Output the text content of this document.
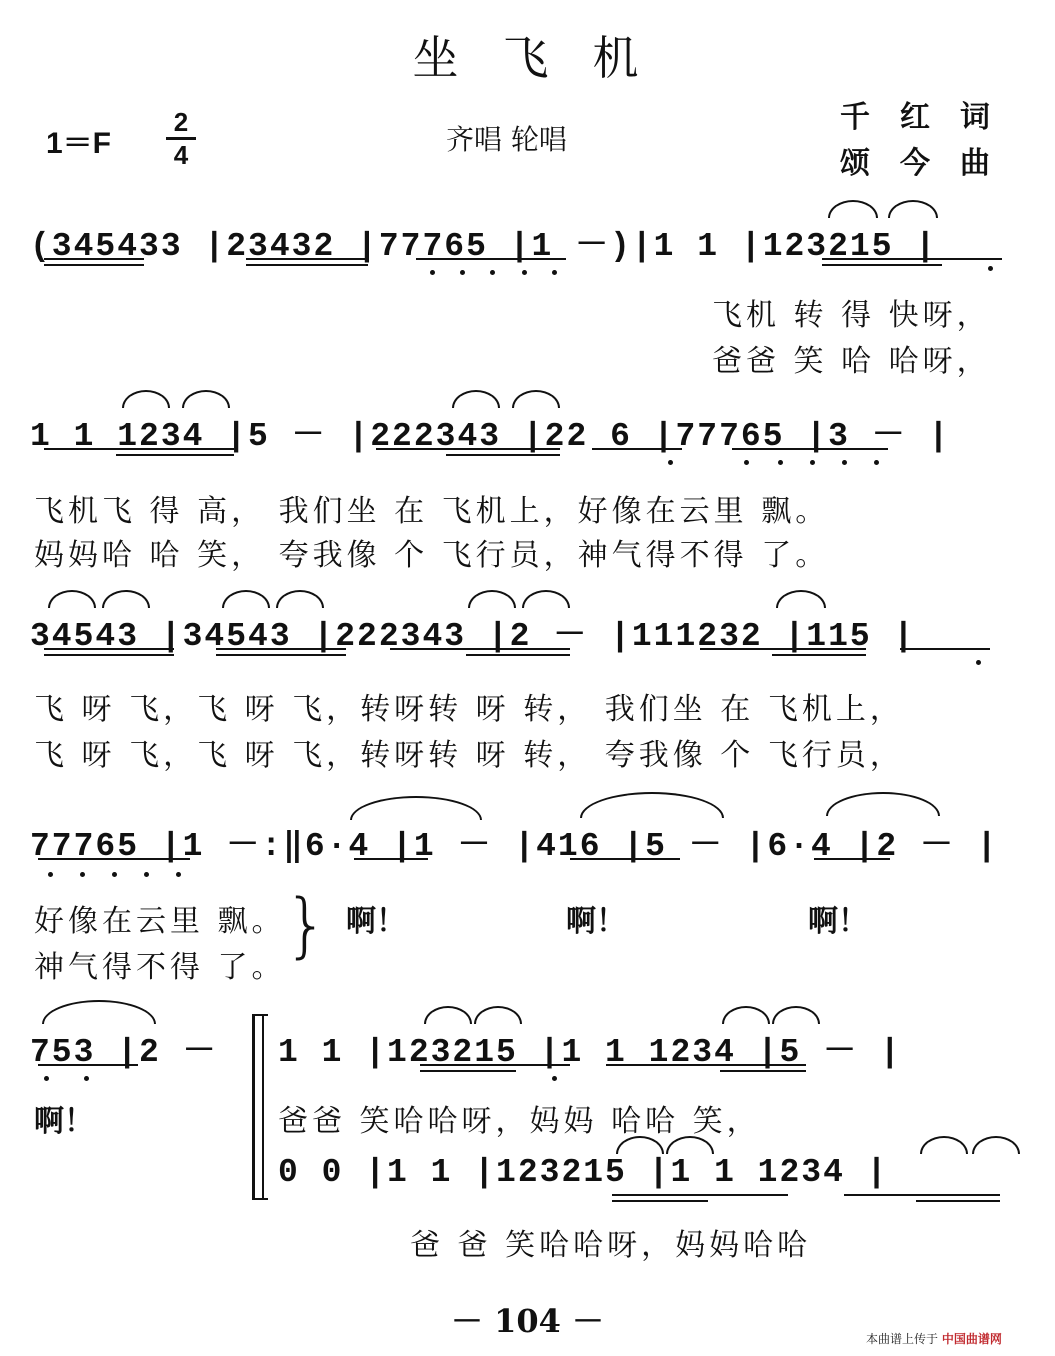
坐飞机
1＝F
2
4	齐唱 轮唱
千红词
颂今曲
(345433 |23432 |77765 |1 －)|1 1 |123215 |
飞机 转 得 快呀，
爸爸 笑 哈 哈呀，
1 1 1234 |5 － |222343 |22 6 |77765 |3 － |
飞机飞 得 高， 我们坐 在 飞机上，好像在云里 飘。
妈妈哈 哈 笑， 夸我像 个 飞行员，神气得不得 了。
34543 |34543 |222343 |2 － |111232 |115 |
飞 呀 飞，飞 呀 飞，转呀转 呀 转， 我们坐 在 飞机上，
飞 呀 飞，飞 呀 飞，转呀转 呀 转， 夸我像 个 飞行员，
77765 |1 －:‖6·4 |1 － |416 |5 － |6·4 |2 － |
好像在云里 飘。
神气得不得 了。
} 啊！	啊！	啊！
753 |2 －
啊！
1 1 |123215 |1 1 1234 |5 － |
爸爸 笑哈哈呀，妈妈 哈哈 笑，
0 0 |1 1 |123215 |1 1 1234 |
爸 爸 笑哈哈呀，妈妈哈哈
－ 104 －	本曲谱上传于 中国曲谱网
